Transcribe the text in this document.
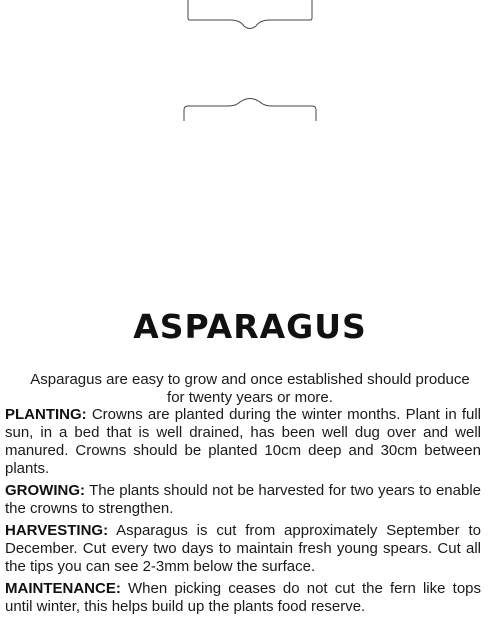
ASPARAGUS

Asparagus are easy to grow and once established should produce for twenty years or more.

PLANTING: Crowns are planted during the winter months. Plant in full sun, in a bed that is well drained, has been well dug over and well manured. Crowns should be planted 10cm deep and 30cm between plants.

GROWING: The plants should not be harvested for two years to enable the crowns to strengthen.

HARVESTING: Asparagus is cut from approximately September to December. Cut every two days to maintain fresh young spears. Cut all the tips you can see 2-3mm below the surface.

MAINTENANCE: When picking ceases do not cut the fern like tops until winter, this helps build up the plants food reserve.
